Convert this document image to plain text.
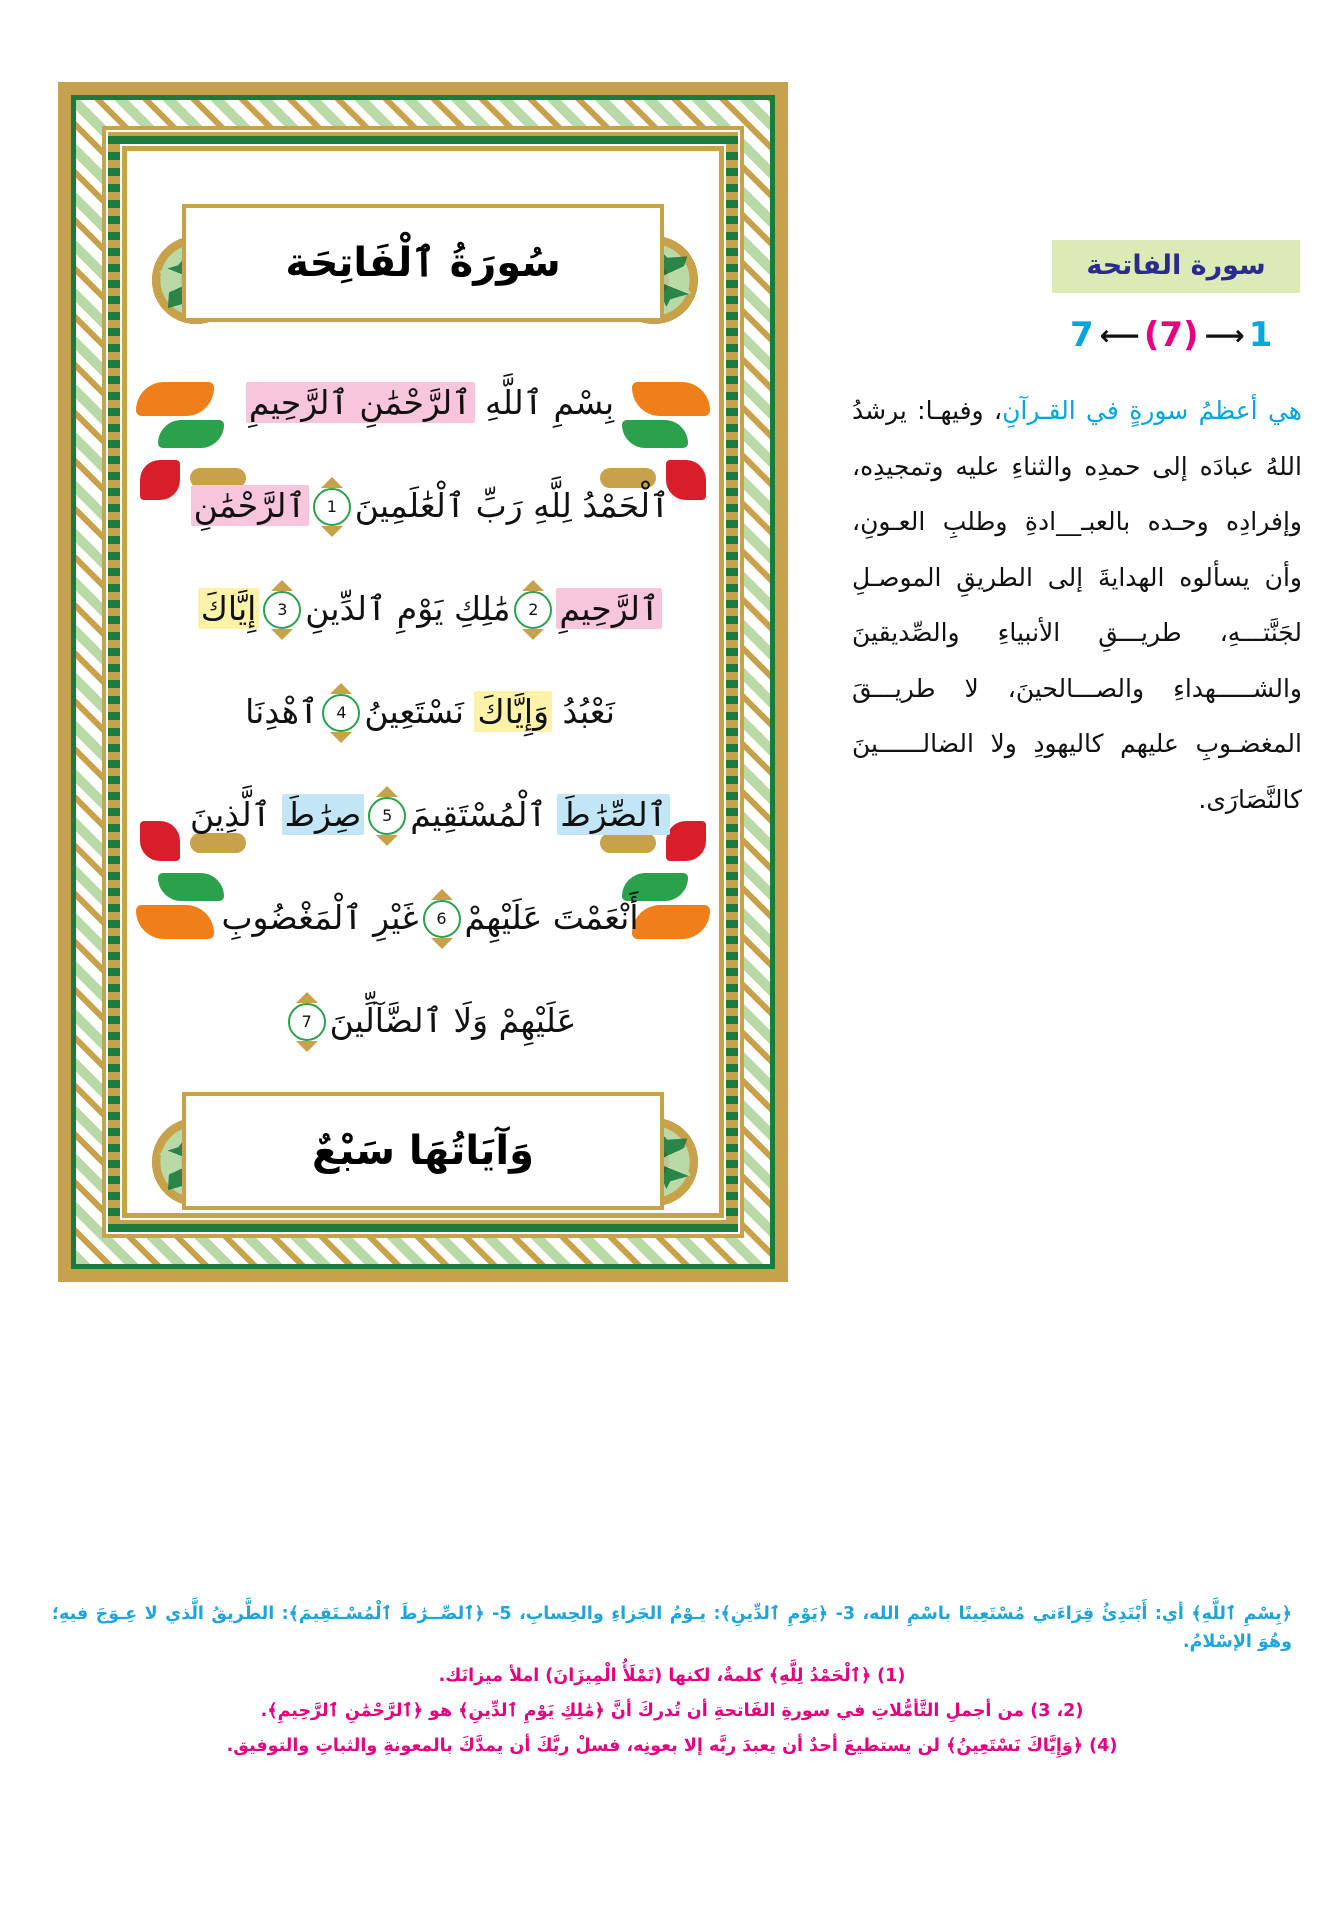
سُورَةُ ٱلْفَاتِحَة
بِسْمِ ٱللَّهِ ٱلرَّحْمَٰنِ ٱلرَّحِيمِ
ٱلْحَمْدُ لِلَّهِ رَبِّ ٱلْعَٰلَمِينَ1ٱلرَّحْمَٰنِ
ٱلرَّحِيمِ2مَٰلِكِ يَوْمِ ٱلدِّينِ3إِيَّاكَ
نَعْبُدُ وَإِيَّاكَ نَسْتَعِينُ4ٱهْدِنَا
ٱلصِّرَٰطَ ٱلْمُسْتَقِيمَ5صِرَٰطَ ٱلَّذِينَ
أَنْعَمْتَ عَلَيْهِمْ6غَيْرِ ٱلْمَغْضُوبِ
عَلَيْهِمْ وَلَا ٱلضَّآلِّينَ7
وَآيَاتُهَا سَبْعٌ
سورة الفاتحة
7 ⟵ (7) ⟶ 1
هي أعظمُ سورةٍ في القـرآنِ، وفيهـا: يرشدُ اللهُ عبادَه إلى حمدِه والثناءِ عليه وتمجيدِه، وإفرادِه وحـده بالعبـ__ادةِ وطلبِ العـونِ، وأن يسألوه الهدايةَ إلى الطريقِ الموصـلِ لجَنَّتـــهِ، طريـــقِ الأنبياءِ والصِّديقينَ والشـــــهداءِ والصـــالحينَ، لا طريـــقَ المغضـوبِ عليهم كاليهودِ ولا الضالــــــينَ كالنَّصَارَى.
﴿بِسْمِ ٱللَّهِ﴾ أي: أَبْتَدِئُ قِرَاءَتي مُسْتَعِينًا باسْمِ الله، 3- ﴿يَوْمِ ٱلدِّينِ﴾: يـوْمُ الجَزاءِ والحِسابِ، 5- ﴿ٱلصِّــرَٰطَ ٱلْمُسْـتَقِيمَ﴾: الطَّريقُ الَّذي لا عِـوَجَ فيهِ؛ وهُوَ الإسْلامُ.
(1) ﴿ٱلْحَمْدُ لِلَّهِ﴾ كلمةٌ، لكنها (تَمْلَأُ الْمِيزَانَ) املأ ميزانَك.
(2، 3) من أجملِ التَّأمُّلاتِ في سورةِ الفَاتحةِ أن تُدركَ أنَّ ﴿مَٰلِكِ يَوْمِ ٱلدِّينِ﴾ هو ﴿ٱلرَّحْمَٰنِ ٱلرَّحِيمِ﴾.
(4) ﴿وَإِيَّاكَ نَسْتَعِينُ﴾ لن يستطيعَ أحدٌ أن يعبدَ ربَّه إلا بعونِه، فسلْ ربَّكَ أن يمدَّكَ بالمعونةِ والثباتِ والتوفيق.
